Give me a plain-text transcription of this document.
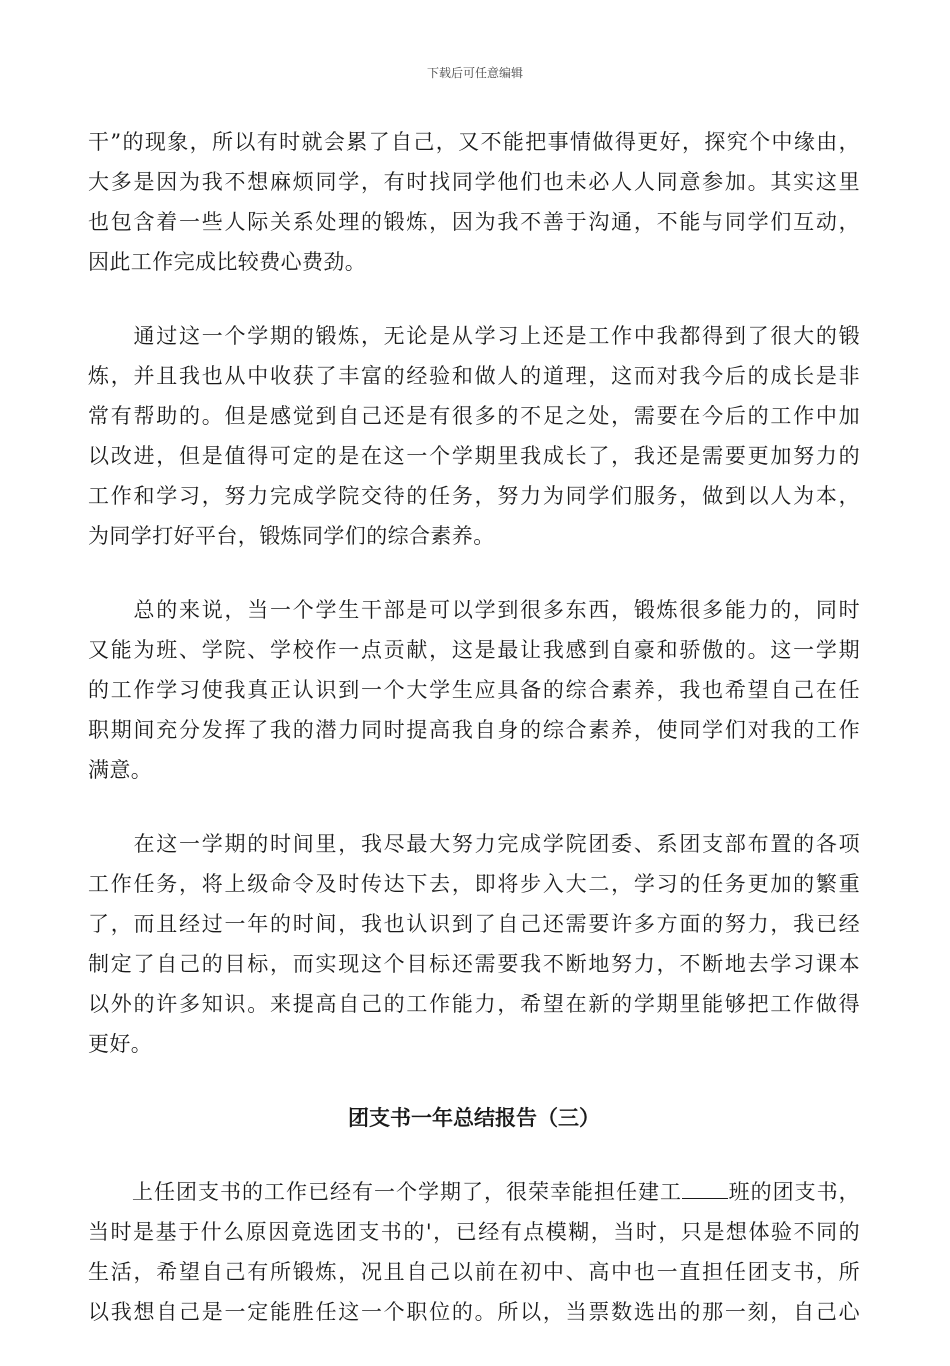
下载后可任意编辑

干”的现象，所以有时就会累了自己，又不能把事情做得更好，探究个中缘由，
大多是因为我不想麻烦同学，有时找同学他们也未必人人同意参加。其实这里
也包含着一些人际关系处理的锻炼，因为我不善于沟通，不能与同学们互动，
因此工作完成比较费心费劲。

　　通过这一个学期的锻炼，无论是从学习上还是工作中我都得到了很大的锻
炼，并且我也从中收获了丰富的经验和做人的道理，这而对我今后的成长是非
常有帮助的。但是感觉到自己还是有很多的不足之处，需要在今后的工作中加
以改进，但是值得可定的是在这一个学期里我成长了，我还是需要更加努力的
工作和学习，努力完成学院交待的任务，努力为同学们服务，做到以人为本，
为同学打好平台，锻炼同学们的综合素养。

　　总的来说，当一个学生干部是可以学到很多东西，锻炼很多能力的，同时
又能为班、学院、学校作一点贡献，这是最让我感到自豪和骄傲的。这一学期
的工作学习使我真正认识到一个大学生应具备的综合素养，我也希望自己在任
职期间充分发挥了我的潜力同时提高我自身的综合素养，使同学们对我的工作
满意。

　　在这一学期的时间里，我尽最大努力完成学院团委、系团支部布置的各项
工作任务，将上级命令及时传达下去，即将步入大二，学习的任务更加的繁重
了，而且经过一年的时间，我也认识到了自己还需要许多方面的努力，我已经
制定了自己的目标，而实现这个目标还需要我不断地努力，不断地去学习课本
以外的许多知识。来提高自己的工作能力，希望在新的学期里能够把工作做得
更好。

团支书一年总结报告（三）

　　上任团支书的工作已经有一个学期了，很荣幸能担任建工 班的团支书，
当时是基于什么原因竟选团支书的'，已经有点模糊，当时，只是想体验不同的
生活，希望自己有所锻炼，况且自己以前在初中、高中也一直担任团支书，所
以我想自己是一定能胜任这一个职位的。所以，当票数选出的那一刻，自己心
